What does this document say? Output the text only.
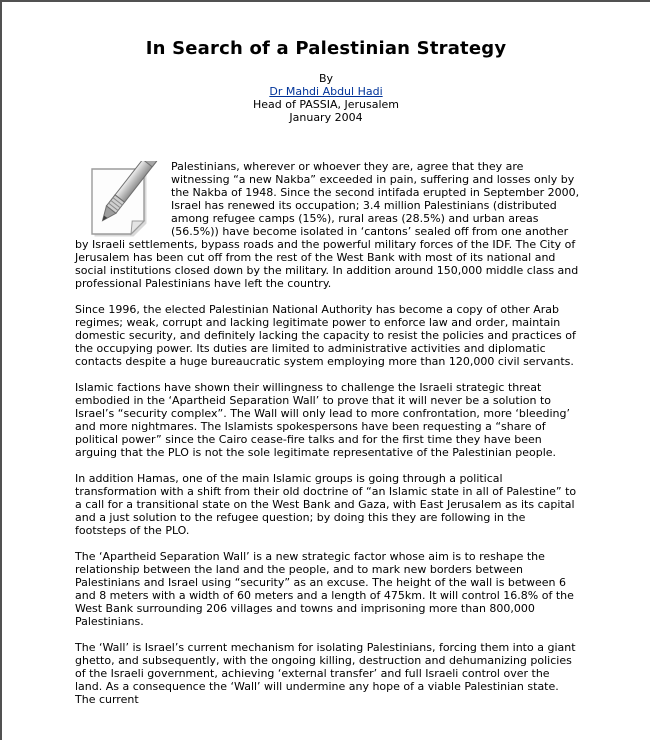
In Search of a Palestinian Strategy
By
Dr Mahdi Abdul Hadi
Head of PASSIA, Jerusalem
January 2004

Palestinians, wherever or whoever they are, agree that they are witnessing “a new Nakba” exceeded in pain, suffering and losses only by the Nakba of 1948. Since the second intifada erupted in September 2000, Israel has renewed its occupation; 3.4 million Palestinians (distributed among refugee camps (15%), rural areas (28.5%) and urban areas (56.5%)) have become isolated in ‘cantons’ sealed off from one another by Israeli settlements, bypass roads and the powerful military forces of the IDF. The City of Jerusalem has been cut off from the rest of the West Bank with most of its national and social institutions closed down by the military. In addition around 150,000 middle class and professional Palestinians have left the country.

Since 1996, the elected Palestinian National Authority has become a copy of other Arab regimes; weak, corrupt and lacking legitimate power to enforce law and order, maintain domestic security, and definitely lacking the capacity to resist the policies and practices of the occupying power. Its duties are limited to administrative activities and diplomatic contacts despite a huge bureaucratic system employing more than 120,000 civil servants.

Islamic factions have shown their willingness to challenge the Israeli strategic threat embodied in the ‘Apartheid Separation Wall’ to prove that it will never be a solution to Israel’s “security complex”. The Wall will only lead to more confrontation, more ‘bleeding’ and more nightmares. The Islamists spokespersons have been requesting a “share of political power” since the Cairo cease-fire talks and for the first time they have been arguing that the PLO is not the sole legitimate representative of the Palestinian people.

In addition Hamas, one of the main Islamic groups is going through a political transformation with a shift from their old doctrine of “an Islamic state in all of Palestine” to a call for a transitional state on the West Bank and Gaza, with East Jerusalem as its capital and a just solution to the refugee question; by doing this they are following in the footsteps of the PLO.

The ‘Apartheid Separation Wall’ is a new strategic factor whose aim is to reshape the relationship between the land and the people, and to mark new borders between Palestinians and Israel using “security” as an excuse. The height of the wall is between 6 and 8 meters with a width of 60 meters and a length of 475km. It will control 16.8% of the West Bank surrounding 206 villages and towns and imprisoning more than 800,000 Palestinians.

The ‘Wall’ is Israel’s current mechanism for isolating Palestinians, forcing them into a giant ghetto, and subsequently, with the ongoing killing, destruction and dehumanizing policies of the Israeli government, achieving ‘external transfer’ and full Israeli control over the land. As a consequence the ‘Wall’ will undermine any hope of a viable Palestinian state. The current
